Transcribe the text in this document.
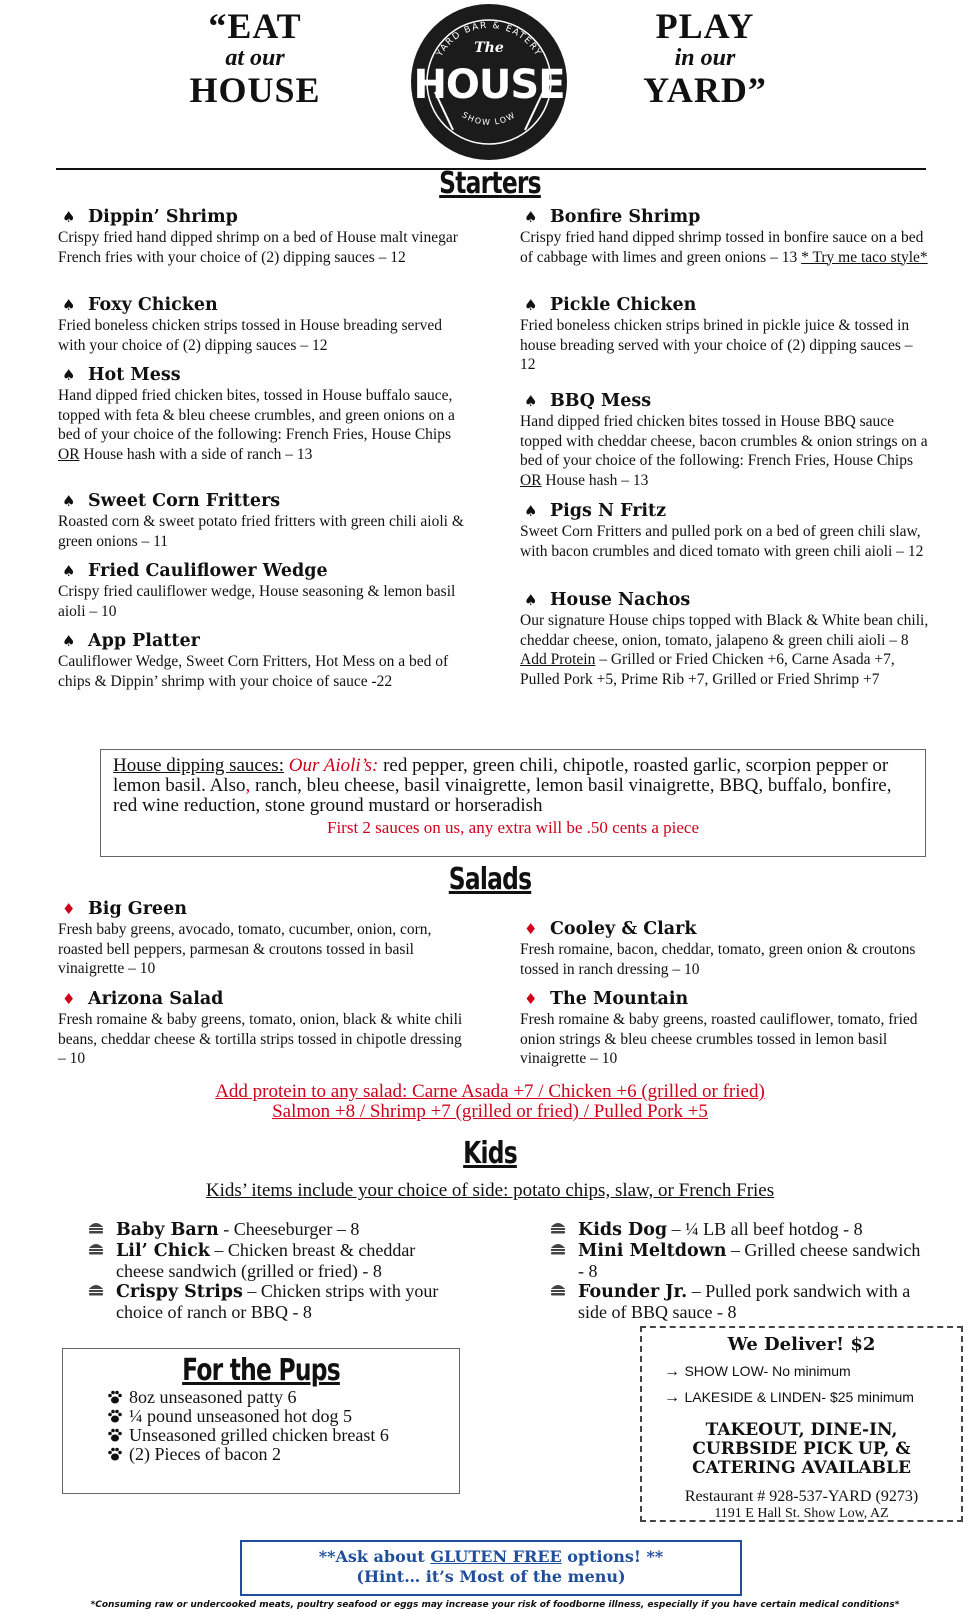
“EAT
at our
HOUSE
YARD BAR & EATERY
The
HOUSE
SHOW LOW
PLAY
in our
YARD”
Starters
♠ Dippin’ Shrimp
Crispy fried hand dipped shrimp on a bed of House malt vinegar French fries with your choice of (2) dipping sauces – 12
♠ Foxy Chicken
Fried boneless chicken strips tossed in House breading served with your choice of (2) dipping sauces – 12
♠ Hot Mess
Hand dipped fried chicken bites, tossed in House buffalo sauce, topped with feta & bleu cheese crumbles, and green onions on a bed of your choice of the following: French Fries, House Chips OR House hash with a side of ranch – 13
♠ Sweet Corn Fritters
Roasted corn & sweet potato fried fritters with green chili aioli & green onions – 11
♠ Fried Cauliflower Wedge
Crispy fried cauliflower wedge, House seasoning & lemon basil aioli – 10
♠ App Platter
Cauliflower Wedge, Sweet Corn Fritters, Hot Mess on a bed of chips & Dippin’ shrimp with your choice of sauce -22
♠ Bonfire Shrimp
Crispy fried hand dipped shrimp tossed in bonfire sauce on a bed of cabbage with limes and green onions – 13 * Try me taco style*
♠ Pickle Chicken
Fried boneless chicken strips brined in pickle juice & tossed in house breading served with your choice of (2) dipping sauces – 12
♠ BBQ Mess
Hand dipped fried chicken bites tossed in House BBQ sauce topped with cheddar cheese, bacon crumbles & onion strings on a bed of your choice of the following: French Fries, House Chips OR House hash – 13
♠ Pigs N Fritz
Sweet Corn Fritters and pulled pork on a bed of green chili slaw, with bacon crumbles and diced tomato with green chili aioli – 12
♠ House Nachos
Our signature House chips topped with Black & White bean chili, cheddar cheese, onion, tomato, jalapeno & green chili aioli – 8
Add Protein – Grilled or Fried Chicken +6, Carne Asada +7, Pulled Pork +5, Prime Rib +7, Grilled or Fried Shrimp +7
House dipping sauces: Our Aioli’s: red pepper, green chili, chipotle, roasted garlic, scorpion pepper or lemon basil. Also, ranch, bleu cheese, basil vinaigrette, lemon basil vinaigrette, BBQ, buffalo, bonfire, red wine reduction, stone ground mustard or horseradish
First 2 sauces on us, any extra will be .50 cents a piece
Salads
♦ Big Green
Fresh baby greens, avocado, tomato, cucumber, onion, corn, roasted bell peppers, parmesan & croutons tossed in basil vinaigrette – 10
♦ Arizona Salad
Fresh romaine & baby greens, tomato, onion, black & white chili beans, cheddar cheese & tortilla strips tossed in chipotle dressing – 10
♦ Cooley & Clark
Fresh romaine, bacon, cheddar, tomato, green onion & croutons tossed in ranch dressing – 10
♦ The Mountain
Fresh romaine & baby greens, roasted cauliflower, tomato, fried onion strings & bleu cheese crumbles tossed in lemon basil vinaigrette – 10
Add protein to any salad: Carne Asada +7 / Chicken +6 (grilled or fried)
Salmon +8 / Shrimp +7 (grilled or fried) / Pulled Pork +5
Kids
Kids’ items include your choice of side: potato chips, slaw, or French Fries
Baby Barn - Cheeseburger – 8
Lil’ Chick – Chicken breast & cheddar cheese sandwich (grilled or fried) - 8
Crispy Strips – Chicken strips with your choice of ranch or BBQ - 8
Kids Dog – ¼ LB all beef hotdog - 8
Mini Meltdown – Grilled cheese sandwich - 8
Founder Jr. – Pulled pork sandwich with a side of BBQ sauce - 8
For the Pups
8oz unseasoned patty 6
¼ pound unseasoned hot dog 5
Unseasoned grilled chicken breast 6
(2) Pieces of bacon 2
We Deliver! $2
→ SHOW LOW- No minimum
→ LAKESIDE & LINDEN- $25 minimum
TAKEOUT, DINE-IN,
CURBSIDE PICK UP, &
CATERING AVAILABLE
Restaurant # 928-537-YARD (9273)
1191 E Hall St. Show Low, AZ
**Ask about GLUTEN FREE options! **
(Hint… it’s Most of the menu)
*Consuming raw or undercooked meats, poultry seafood or eggs may increase your risk of foodborne illness, especially if you have certain medical conditions*
